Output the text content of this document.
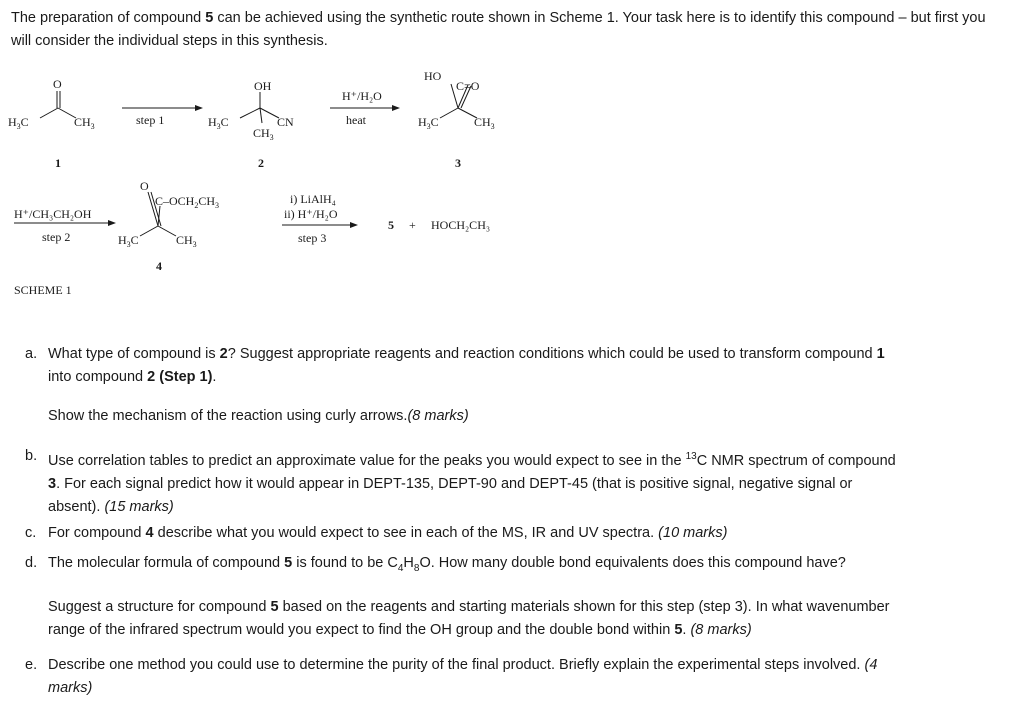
The preparation of compound 5 can be achieved using the synthetic route shown in Scheme 1. Your task here is to identify this compound – but first you will consider the individual steps in this synthesis.
O
$H_3C$	$CH_3$
1
step 1
OH
$H_3C$	CN
$CH_3$
2
H⁺/H₂O
heat
HO
C=O
$H_3C$	$CH_3$
3
H⁺/CH₃CH₂OH
step 2
O
$C-OCH_2CH_3$
$H_3C$	$CH_3$
4
i) LiAlH₄
ii) H⁺/H₂O
step 3
5 + HOCH₂CH₃
SCHEME 1
a. What type of compound is 2? Suggest appropriate reagents and reaction conditions which could be used to transform compound 1 into compound 2 (Step 1).

Show the mechanism of the reaction using curly arrows.(8 marks)

b. Use correlation tables to predict an approximate value for the peaks you would expect to see in the $^{13}$C NMR spectrum of compound 3. For each signal predict how it would appear in DEPT-135, DEPT-90 and DEPT-45 (that is positive signal, negative signal or absent). (15 marks)

c. For compound 4 describe what you would expect to see in each of the MS, IR and UV spectra. (10 marks)

d. The molecular formula of compound 5 is found to be $C_4H_8O$. How many double bond equivalents does this compound have?

Suggest a structure for compound 5 based on the reagents and starting materials shown for this step (step 3). In what wavenumber range of the infrared spectrum would you expect to find the OH group and the double bond within 5. (8 marks)

e. Describe one method you could use to determine the purity of the final product. Briefly explain the experimental steps involved. (4 marks)
